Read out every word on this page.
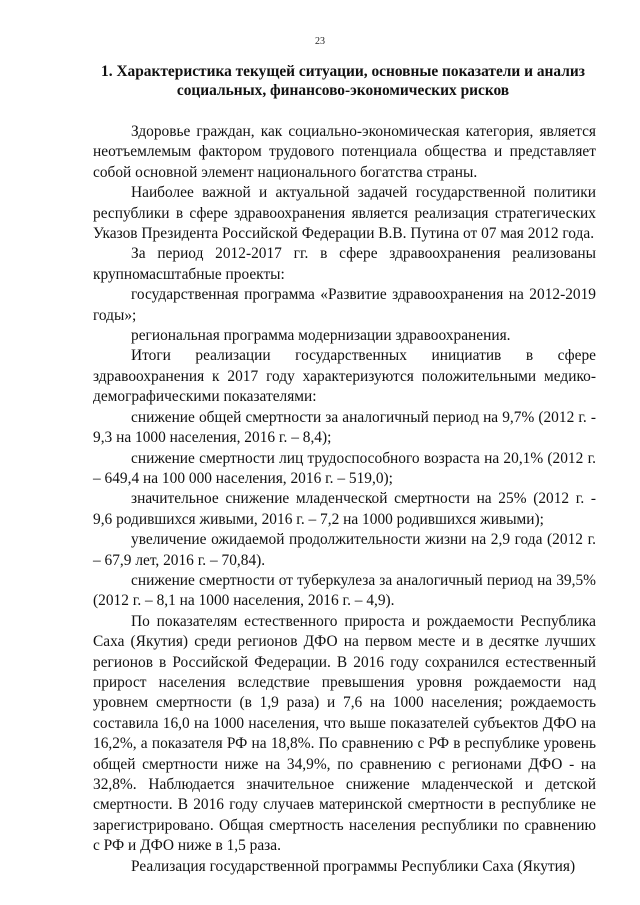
23
1. Характеристика текущей ситуации, основные показатели и анализ
социальных, финансово-экономических рисков

Здоровье граждан, как социально-экономическая категория, является неотъемлемым фактором трудового потенциала общества и представляет собой основной элемент национального богатства страны.

Наиболее важной и актуальной задачей государственной политики республики в сфере здравоохранения является реализация стратегических Указов Президента Российской Федерации В.В. Путина от 07 мая 2012 года.

За период 2012-2017 гг. в сфере здравоохранения реализованы крупномасштабные проекты:

государственная программа «Развитие здравоохранения на 2012-2019 годы»;

региональная программа модернизации здравоохранения.

Итоги реализации государственных инициатив в сфере здравоохранения к 2017 году характеризуются положительными медико-демографическими показателями:

снижение общей смертности за аналогичный период на 9,7% (2012 г. - 9,3 на 1000 населения, 2016 г. – 8,4);

снижение смертности лиц трудоспособного возраста на 20,1% (2012 г. – 649,4 на 100 000 населения, 2016 г. – 519,0);

значительное снижение младенческой смертности на 25% (2012 г. - 9,6 родившихся живыми, 2016 г. – 7,2 на 1000 родившихся живыми);

увеличение ожидаемой продолжительности жизни на 2,9 года (2012 г. – 67,9 лет, 2016 г. – 70,84).

снижение смертности от туберкулеза за аналогичный период на 39,5% (2012 г. – 8,1 на 1000 населения, 2016 г. – 4,9).

По показателям естественного прироста и рождаемости Республика Саха (Якутия) среди регионов ДФО на первом месте и в десятке лучших регионов в Российской Федерации. В 2016 году сохранился естественный прирост населения вследствие превышения уровня рождаемости над уровнем смертности (в 1,9 раза) и 7,6 на 1000 населения; рождаемость составила 16,0 на 1000 населения, что выше показателей субъектов ДФО на 16,2%, а показателя РФ на 18,8%. По сравнению с РФ в республике уровень общей смертности ниже на 34,9%, по сравнению с регионами ДФО - на 32,8%. Наблюдается значительное снижение младенческой и детской смертности. В 2016 году случаев материнской смертности в республике не зарегистрировано. Общая смертность населения республики по сравнению с РФ и ДФО ниже в 1,5 раза.

Реализация государственной программы Республики Саха (Якутия)
